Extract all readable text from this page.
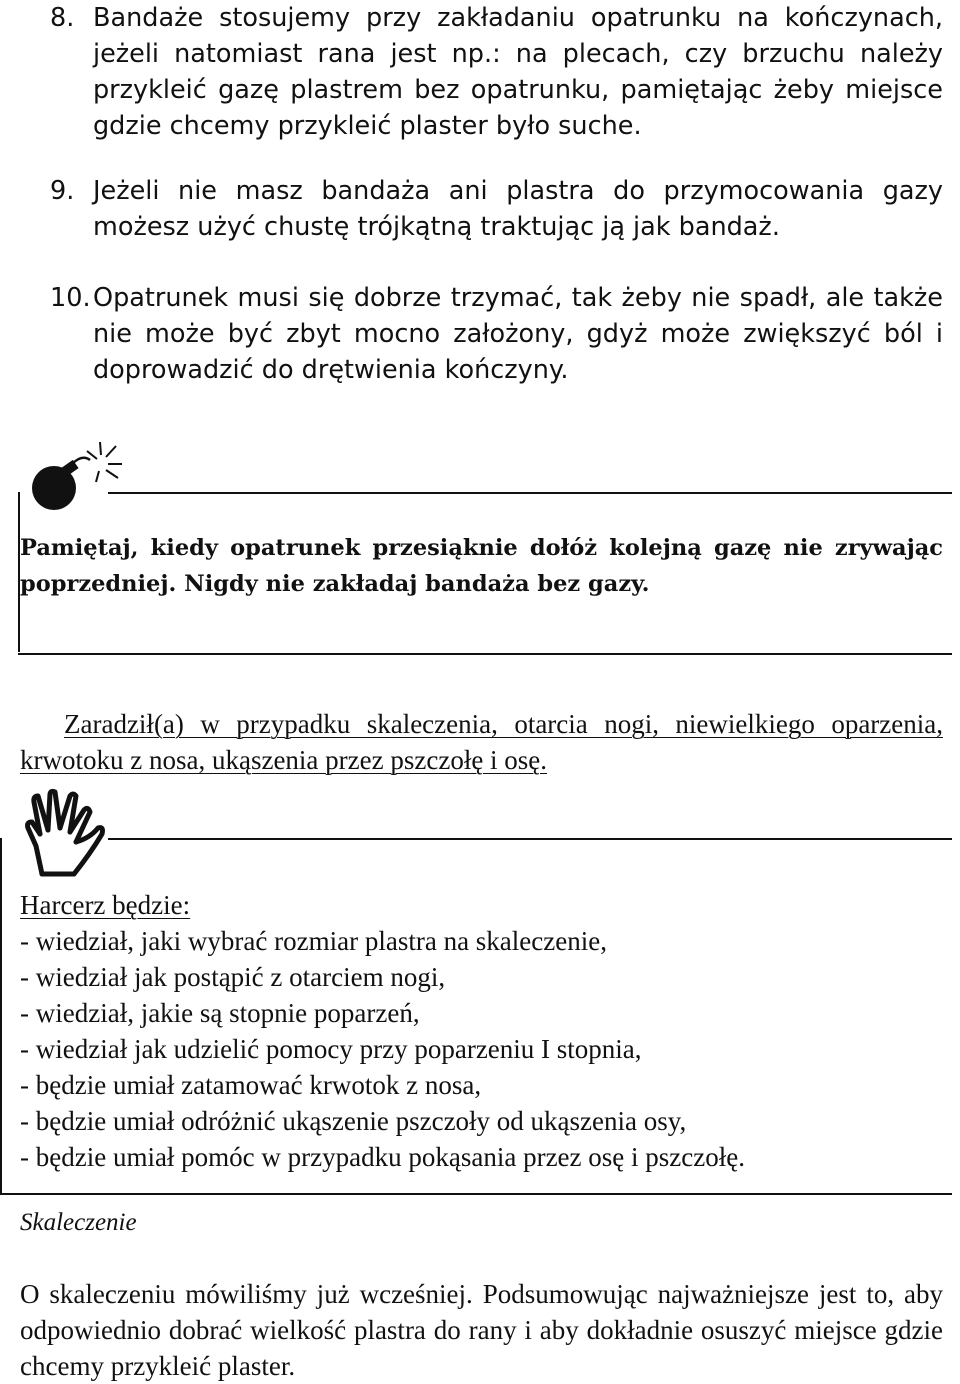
8. Bandaże stosujemy przy zakładaniu opatrunku na kończynach, jeżeli natomiast rana jest np.: na plecach, czy brzuchu należy przykleić gazę plastrem bez opatrunku, pamiętając żeby miejsce gdzie chcemy przykleić plaster było suche.
9. Jeżeli nie masz bandaża ani plastra do przymocowania gazy możesz użyć chustę trójkątną traktując ją jak bandaż.
10. Opatrunek musi się dobrze trzymać, tak żeby nie spadł, ale także nie może być zbyt mocno założony, gdyż może zwiększyć ból i doprowadzić do drętwienia kończyny.
Pamiętaj, kiedy opatrunek przesiąknie dołóż kolejną gazę nie zrywając poprzedniej. Nigdy nie zakładaj bandaża bez gazy.
Zaradził(a) w przypadku skaleczenia, otarcia nogi, niewielkiego oparzenia, krwotoku z nosa, ukąszenia przez pszczołę i osę.
Harcerz będzie:
- wiedział, jaki wybrać rozmiar plastra na skaleczenie,
- wiedział jak postąpić z otarciem nogi,
- wiedział, jakie są stopnie poparzeń,
- wiedział jak udzielić pomocy przy poparzeniu I stopnia,
- będzie umiał zatamować krwotok z nosa,
- będzie umiał odróżnić ukąszenie pszczoły od ukąszenia osy,
- będzie umiał pomóc w przypadku pokąsania przez osę i pszczołę.
Skaleczenie
O skaleczeniu mówiliśmy już wcześniej. Podsumowując najważniejsze jest to, aby odpowiednio dobrać wielkość plastra do rany i aby dokładnie osuszyć miejsce gdzie chcemy przykleić plaster.
